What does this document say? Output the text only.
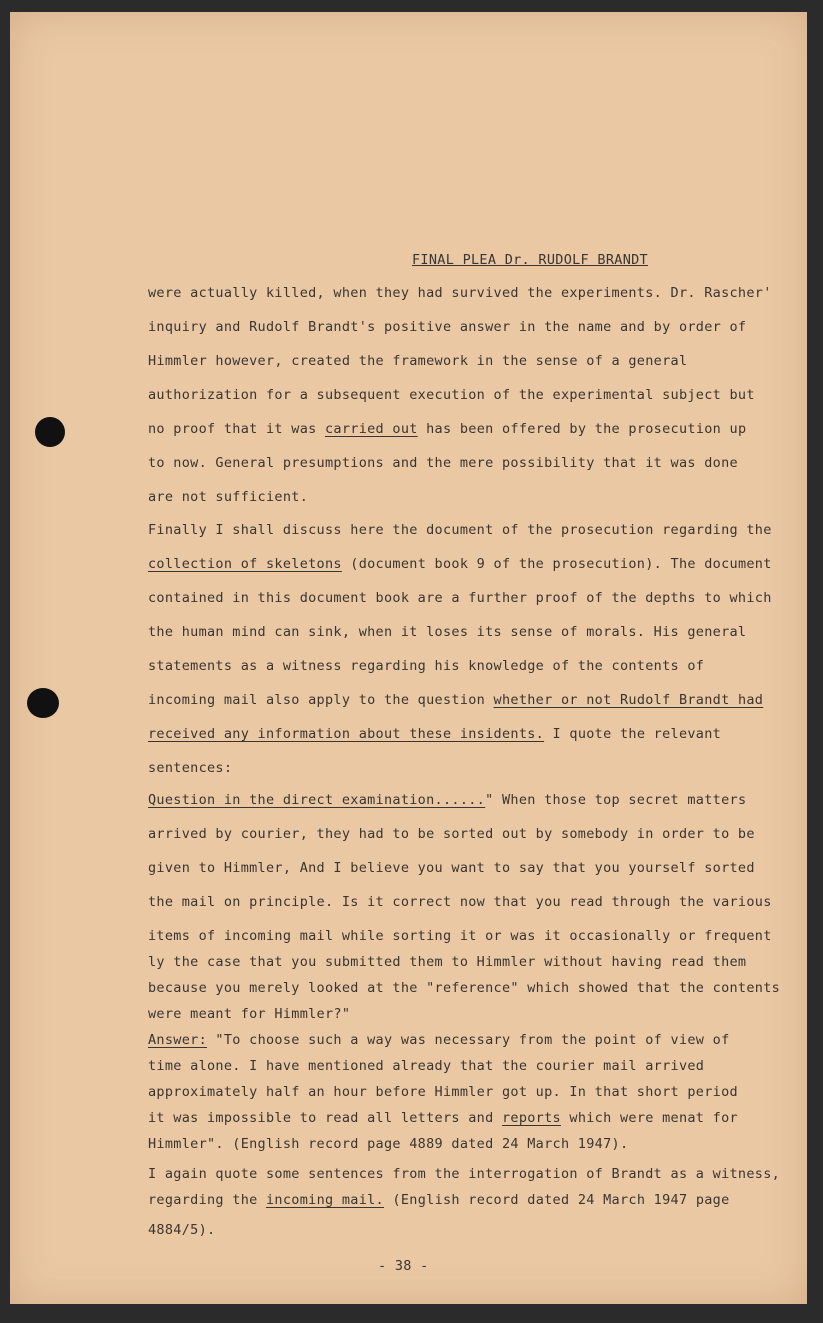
FINAL PLEA Dr. RUDOLF BRANDT
were actually killed, when they had survived the experiments. Dr. Rascher'
inquiry and Rudolf Brandt's positive answer in the name and by order of
Himmler however, created the framework in the sense of a general
authorization for a subsequent execution of the experimental subject but
no proof that it was carried out has been offered by the prosecution up
to now. General presumptions and the mere possibility that it was done
are not sufficient.
Finally I shall discuss here the document of the prosecution regarding the
collection of skeletons (document book 9 of the prosecution). The document
contained in this document book are a further proof of the depths to which
the human mind can sink, when it loses its sense of morals. His general
statements as a witness regarding his knowledge of the contents of
incoming mail also apply to the question whether or not Rudolf Brandt had
received any information about these insidents. I quote the relevant
sentences:
Question in the direct examination......" When those top secret matters
arrived by courier, they had to be sorted out by somebody in order to be
given to Himmler, And I believe you want to say that you yourself sorted
the mail on principle. Is it correct now that you read through the various
items of incoming mail while sorting it or was it occasionally or frequent
ly the case that you submitted them to Himmler without having read them
because you merely looked at the "reference" which showed that the contents
were meant for Himmler?"
Answer: "To choose such a way was necessary from the point of view of
time alone. I have mentioned already that the courier mail arrived
approximately half an hour before Himmler got up. In that short period
it was impossible to read all letters and reports which were menat for
Himmler". (English record page 4889 dated 24 March 1947).
I again quote some sentences from the interrogation of Brandt as a witness,
regarding the incoming mail. (English record dated 24 March 1947 page
4884/5).
- 38 -
